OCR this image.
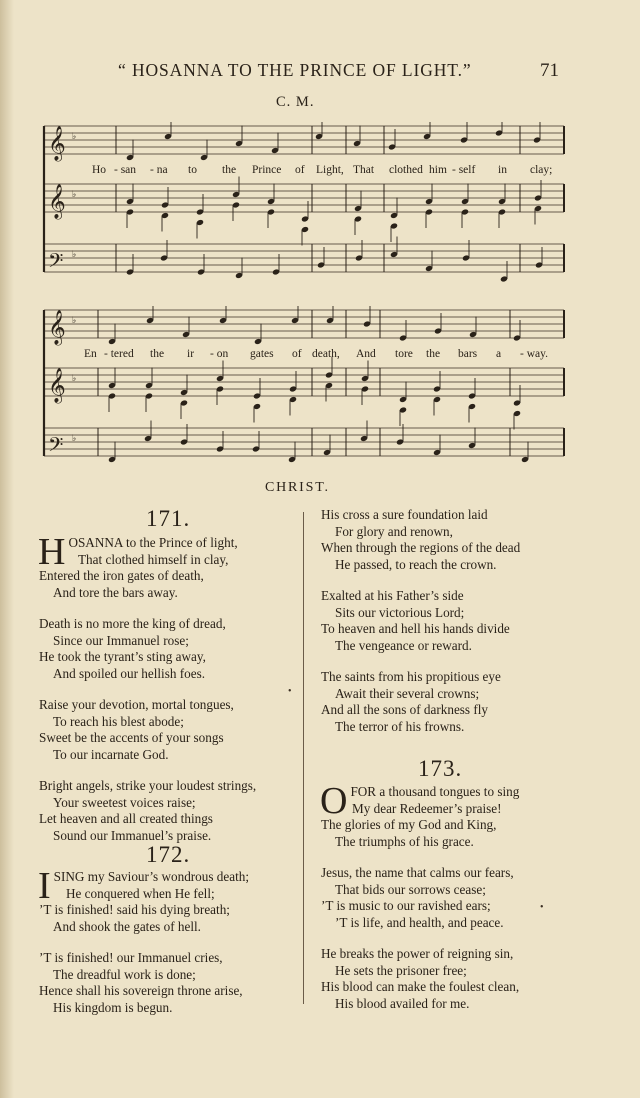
“ HOSANNA TO THE PRINCE OF LIGHT.”	71
C. M.
𝄞 ♭
𝄞 ♭
𝄢 ♭
Ho - san - na to the Prince of Light, That clothed him - self in clay;
𝄞 ♭
𝄞 ♭
𝄢 ♭
En - tered the ir - on gates of death, And tore the bars a - way.
CHRIST.
171.
HOSANNA to the Prince of light,
That clothed himself in clay,
Entered the iron gates of death,
And tore the bars away.
Death is no more the king of dread,
Since our Immanuel rose;
He took the tyrant’s sting away,
And spoiled our hellish foes.
Raise your devotion, mortal tongues,
To reach his blest abode;
Sweet be the accents of your songs
To our incarnate God.
Bright angels, strike your loudest strings,
Your sweetest voices raise;
Let heaven and all created things
Sound our Immanuel’s praise.
172.
I SING my Saviour’s wondrous death;
He conquered when He fell;
’T is finished! said his dying breath;
And shook the gates of hell.
’T is finished! our Immanuel cries,
The dreadful work is done;
Hence shall his sovereign throne arise,
His kingdom is begun.
His cross a sure foundation laid
For glory and renown,
When through the regions of the dead
He passed, to reach the crown.
Exalted at his Father’s side
Sits our victorious Lord;
To heaven and hell his hands divide
The vengeance or reward.
The saints from his propitious eye
Await their several crowns;
And all the sons of darkness fly
The terror of his frowns.
173.
O FOR a thousand tongues to sing
My dear Redeemer’s praise!
The glories of my God and King,
The triumphs of his grace.
Jesus, the name that calms our fears,
That bids our sorrows cease;
’T is music to our ravished ears;
’T is life, and health, and peace.
He breaks the power of reigning sin,
He sets the prisoner free;
His blood can make the foulest clean,
His blood availed for me.
•
•
